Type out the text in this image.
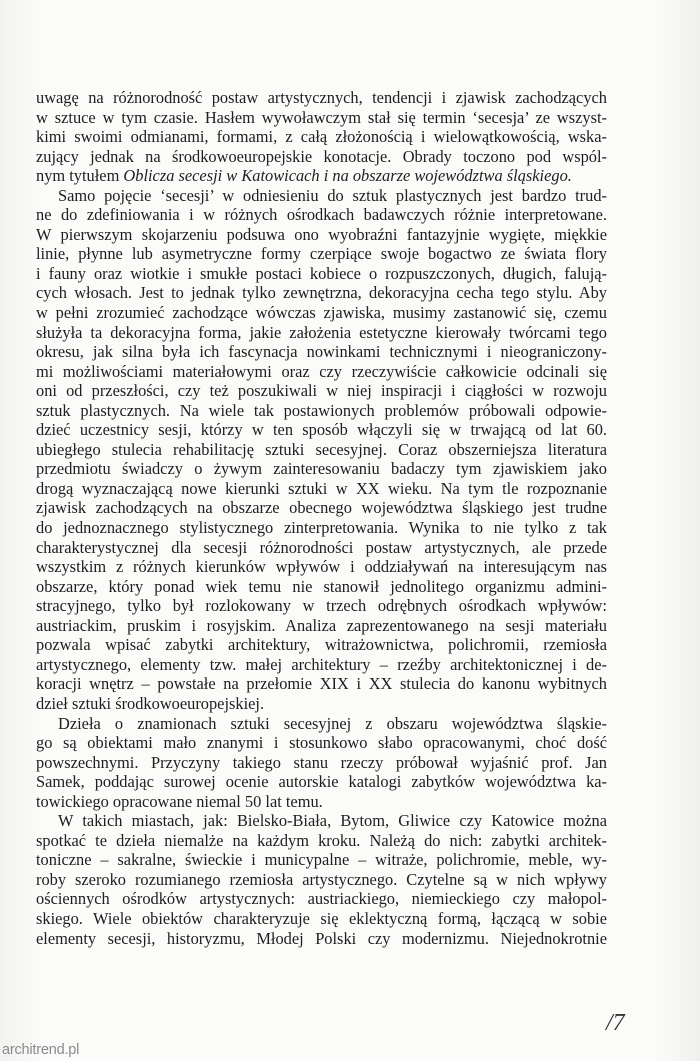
uwagę na różnorodność postaw artystycznych, tendencji i zjawisk zachodzących
w sztuce w tym czasie. Hasłem wywoławczym stał się termin ‘secesja’ ze wszyst-
kimi swoimi odmianami, formami, z całą złożonością i wielowątkowością, wska-
zujący jednak na środkowoeuropejskie konotacje. Obrady toczono pod wspól-
nym tytułem Oblicza secesji w Katowicach i na obszarze województwa śląskiego.
Samo pojęcie ‘secesji’ w odniesieniu do sztuk plastycznych jest bardzo trud-
ne do zdefiniowania i w różnych ośrodkach badawczych różnie interpretowane.
W pierwszym skojarzeniu podsuwa ono wyobraźni fantazyjnie wygięte, miękkie
linie, płynne lub asymetryczne formy czerpiące swoje bogactwo ze świata flory
i fauny oraz wiotkie i smukłe postaci kobiece o rozpuszczonych, długich, falują-
cych włosach. Jest to jednak tylko zewnętrzna, dekoracyjna cecha tego stylu. Aby
w pełni zrozumieć zachodzące wówczas zjawiska, musimy zastanowić się, czemu
służyła ta dekoracyjna forma, jakie założenia estetyczne kierowały twórcami tego
okresu, jak silna była ich fascynacja nowinkami technicznymi i nieograniczony-
mi możliwościami materiałowymi oraz czy rzeczywiście całkowicie odcinali się
oni od przeszłości, czy też poszukiwali w niej inspiracji i ciągłości w rozwoju
sztuk plastycznych. Na wiele tak postawionych problemów próbowali odpowie-
dzieć uczestnicy sesji, którzy w ten sposób włączyli się w trwającą od lat 60.
ubiegłego stulecia rehabilitację sztuki secesyjnej. Coraz obszerniejsza literatura
przedmiotu świadczy o żywym zainteresowaniu badaczy tym zjawiskiem jako
drogą wyznaczającą nowe kierunki sztuki w XX wieku. Na tym tle rozpoznanie
zjawisk zachodzących na obszarze obecnego województwa śląskiego jest trudne
do jednoznacznego stylistycznego zinterpretowania. Wynika to nie tylko z tak
charakterystycznej dla secesji różnorodności postaw artystycznych, ale przede
wszystkim z różnych kierunków wpływów i oddziaływań na interesującym nas
obszarze, który ponad wiek temu nie stanowił jednolitego organizmu admini-
stracyjnego, tylko był rozlokowany w trzech odrębnych ośrodkach wpływów:
austriackim, pruskim i rosyjskim. Analiza zaprezentowanego na sesji materiału
pozwala wpisać zabytki architektury, witrażownictwa, polichromii, rzemiosła
artystycznego, elementy tzw. małej architektury – rzeźby architektonicznej i de-
koracji wnętrz – powstałe na przełomie XIX i XX stulecia do kanonu wybitnych
dzieł sztuki środkowoeuropejskiej.
Dzieła o znamionach sztuki secesyjnej z obszaru województwa śląskie-
go są obiektami mało znanymi i stosunkowo słabo opracowanymi, choć dość
powszechnymi. Przyczyny takiego stanu rzeczy próbował wyjaśnić prof. Jan
Samek, poddając surowej ocenie autorskie katalogi zabytków województwa ka-
towickiego opracowane niemal 50 lat temu.
W takich miastach, jak: Bielsko-Biała, Bytom, Gliwice czy Katowice można
spotkać te dzieła niemalże na każdym kroku. Należą do nich: zabytki architek-
toniczne – sakralne, świeckie i municypalne – witraże, polichromie, meble, wy-
roby szeroko rozumianego rzemiosła artystycznego. Czytelne są w nich wpływy
ościennych ośrodków artystycznych: austriackiego, niemieckiego czy małopol-
skiego. Wiele obiektów charakteryzuje się eklektyczną formą, łączącą w sobie
elementy secesji, historyzmu, Młodej Polski czy modernizmu. Niejednokrotnie
/7
architrend.pl
